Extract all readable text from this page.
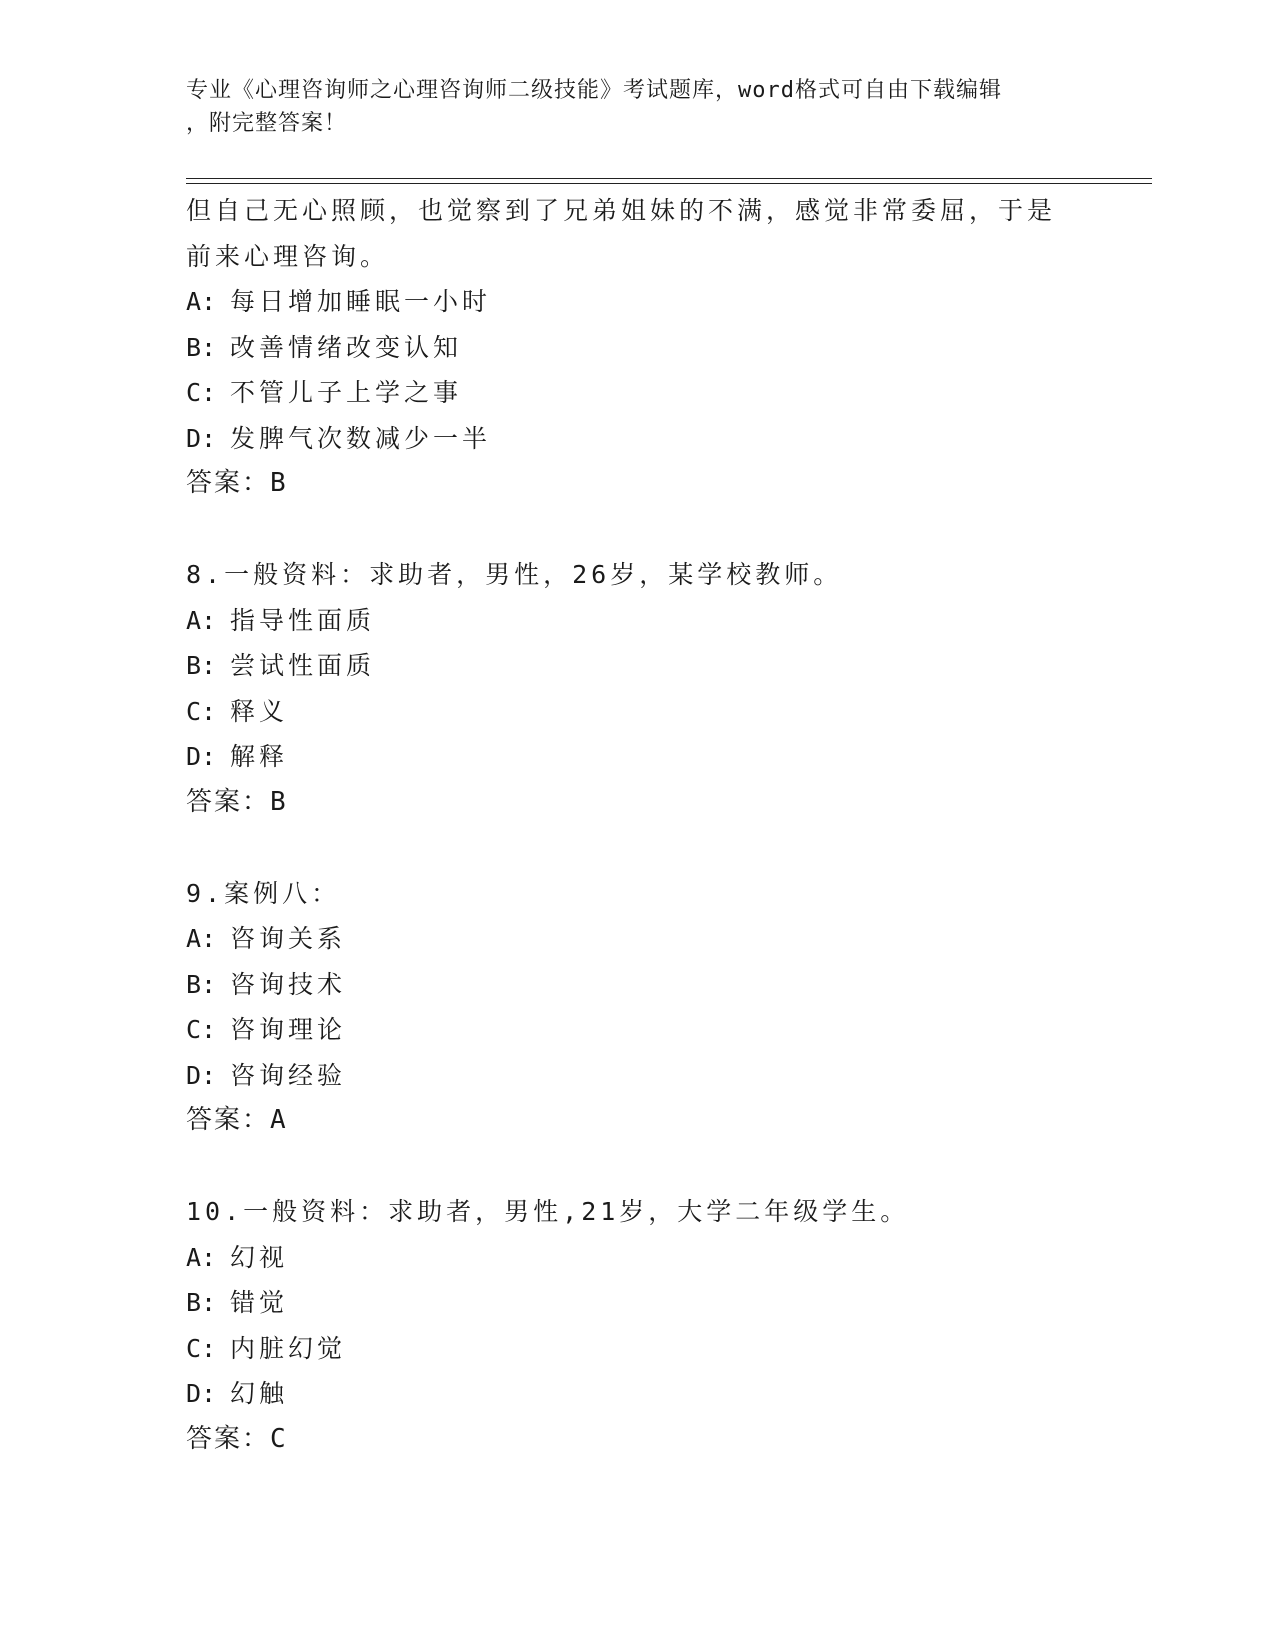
专业《心理咨询师之心理咨询师二级技能》考试题库，word格式可自由下载编辑
，附完整答案！
但自己无心照顾，也觉察到了兄弟姐妹的不满，感觉非常委屈，于是
前来心理咨询。
A: 每日增加睡眠一小时
B: 改善情绪改变认知
C: 不管儿子上学之事
D: 发脾气次数减少一半
答案：B
8.一般资料：求助者，男性，26岁，某学校教师。
A: 指导性面质
B: 尝试性面质
C: 释义
D: 解释
答案：B
9.案例八：
A: 咨询关系
B: 咨询技术
C: 咨询理论
D: 咨询经验
答案：A
10.一般资料：求助者，男性,21岁，大学二年级学生。
A: 幻视
B: 错觉
C: 内脏幻觉
D: 幻触
答案：C
